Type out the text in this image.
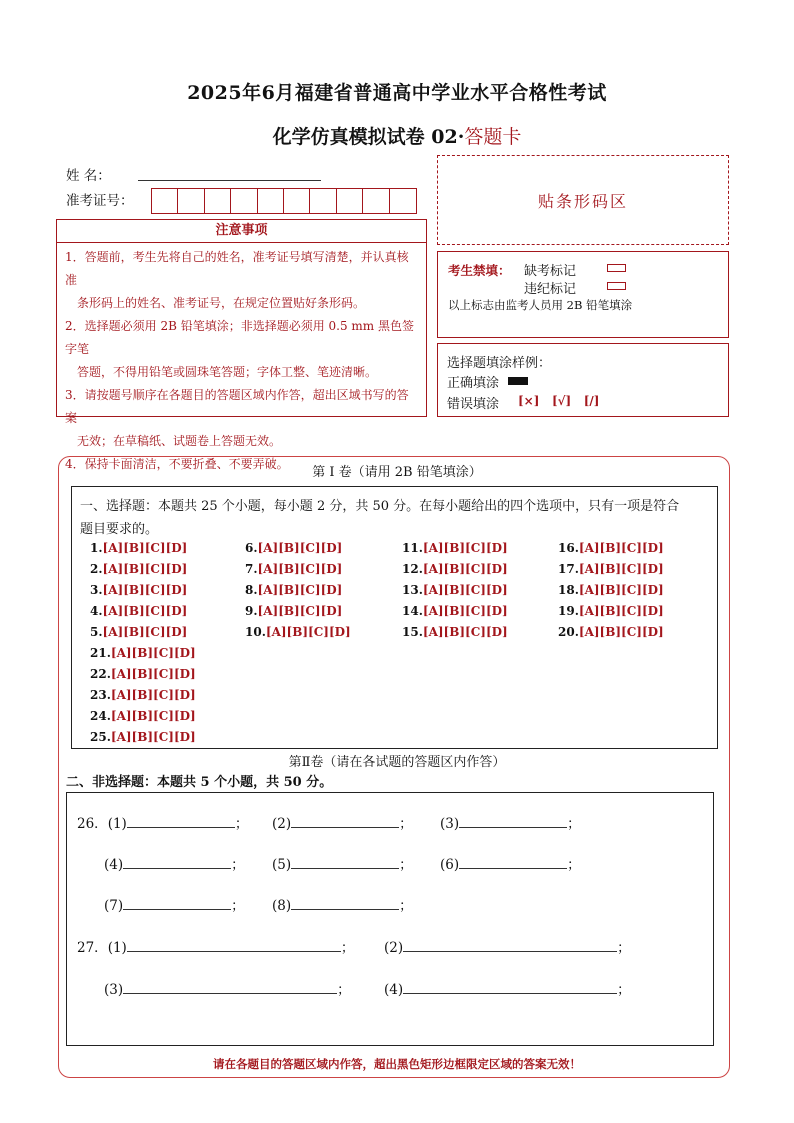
2025年6月福建省普通高中学业水平合格性考试
化学仿真模拟试卷 02·答题卡
姓 名：
准考证号：	贴条形码区
注意事项

1．答题前，考生先将自己的姓名，准考证号填写清楚，并认真核准

条形码上的姓名、准考证号，在规定位置贴好条形码。

2．选择题必须用 2B 铅笔填涂；非选择题必须用 0.5 mm 黑色签字笔

答题，不得用铅笔或圆珠笔答题；字体工整、笔迹清晰。

3．请按题号顺序在各题目的答题区域内作答，超出区域书写的答案

无效；在草稿纸、试题卷上答题无效。

4．保持卡面清洁，不要折叠、不要弄破。

考生禁填： 缺考标记
违纪标记
以上标志由监考人员用 2B 铅笔填涂
选择题填涂样例：
正确填涂
错误填涂 [×]   [√]   [/]
第 I 卷（请用 2B 铅笔填涂）
一、选择题：本题共 25 个小题，每小题 2 分，共 50 分。在每小题给出的四个选项中，只有一项是符合
题目要求的。
1.[A][B][C][D]
2.[A][B][C][D]
3.[A][B][C][D]
4.[A][B][C][D]
5.[A][B][C][D]
6.[A][B][C][D]
7.[A][B][C][D]
8.[A][B][C][D]
9.[A][B][C][D]
10.[A][B][C][D]
11.[A][B][C][D]
12.[A][B][C][D]
13.[A][B][C][D]
14.[A][B][C][D]
15.[A][B][C][D]
16.[A][B][C][D]
17.[A][B][C][D]
18.[A][B][C][D]
19.[A][B][C][D]
20.[A][B][C][D]
21.[A][B][C][D]
22.[A][B][C][D]
23.[A][B][C][D]
24.[A][B][C][D]
25.[A][B][C][D]
第Ⅱ卷（请在各试题的答题区内作答）
二、非选择题：本题共 5 个小题，共 50 分。
26．(1)	； (2)	； (3)	；
(4)	； (5)	； (6)	；
(7)	； (8)	；
27．(1)	； (2)	；
(3)	； (4)	；
请在各题目的答题区域内作答，超出黑色矩形边框限定区域的答案无效！
